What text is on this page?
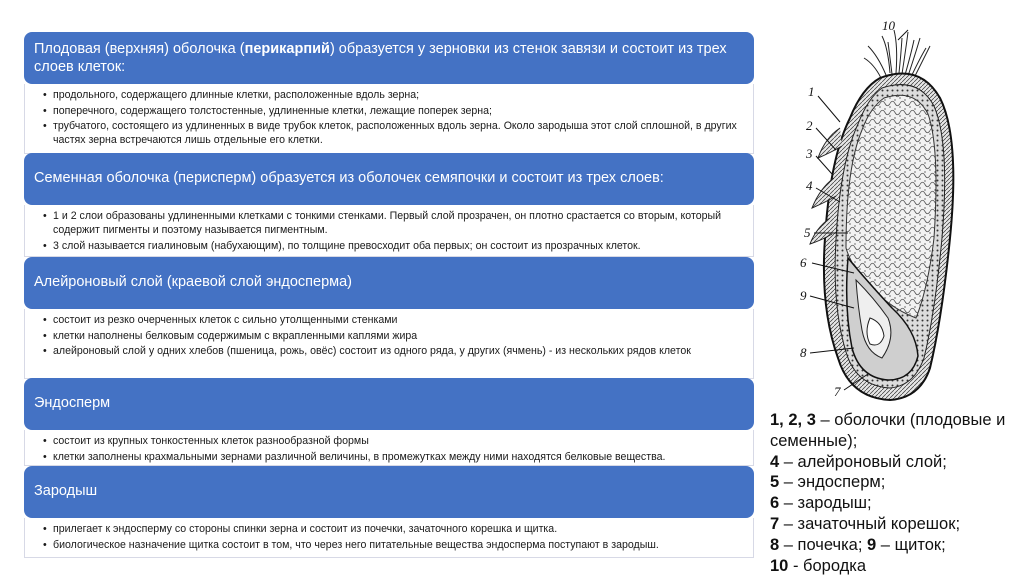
Плодовая (верхняя) оболочка (перикарпий) образуется у зерновки из стенок завязи и состоит из трех слоев клеток:
• продольного, содержащего длинные клетки, расположенные вдоль зерна;
• поперечного, содержащего толстостенные, удлиненные клетки, лежащие поперек зерна;
• трубчатого, состоящего из удлиненных в виде трубок клеток, расположенных вдоль зерна. Около зародыша этот слой сплошной, в других частях зерна встречаются лишь отдельные его клетки.
Семенная оболочка (перисперм) образуется из оболочек семяпочки и состоит из трех слоев:
• 1 и 2 слои образованы удлиненными клетками с тонкими стенками. Первый слой прозрачен, он плотно срастается со вторым, который содержит пигменты и поэтому называется пигментным.
• 3 слой называется гиалиновым (набухающим), по толщине превосходит оба первых; он состоит из прозрачных клеток.
Алейроновый слой (краевой слой эндосперма)
• состоит из резко очерченных клеток с сильно утолщенными стенками
• клетки наполнены белковым содержимым с вкрапленными каплями жира
• алейроновый слой у одних хлебов (пшеница, рожь, овёс) состоит из одного ряда, у других (ячмень) - из нескольких рядов клеток
Эндосперм
• состоит из крупных тонкостенных клеток разнообразной формы
• клетки заполнены крахмальными зернами различной величины, в промежутках между ними находятся белковые вещества.
Зародыш
• прилегает к эндосперму со стороны спинки зерна и состоит из почечки, зачаточного корешка и щитка.
• биологическое назначение щитка состоит в том, что через него питательные вещества эндосперма поступают в зародыш.
10
1
2
3
4
5
6
9
8
7
1, 2, 3 – оболочки (плодовые и семенные);
4 – алейроновый слой;
5 – эндосперм;
6 – зародыш;
7 – зачаточный корешок;
8 – почечка; 9 – щиток;
10 - бородка
